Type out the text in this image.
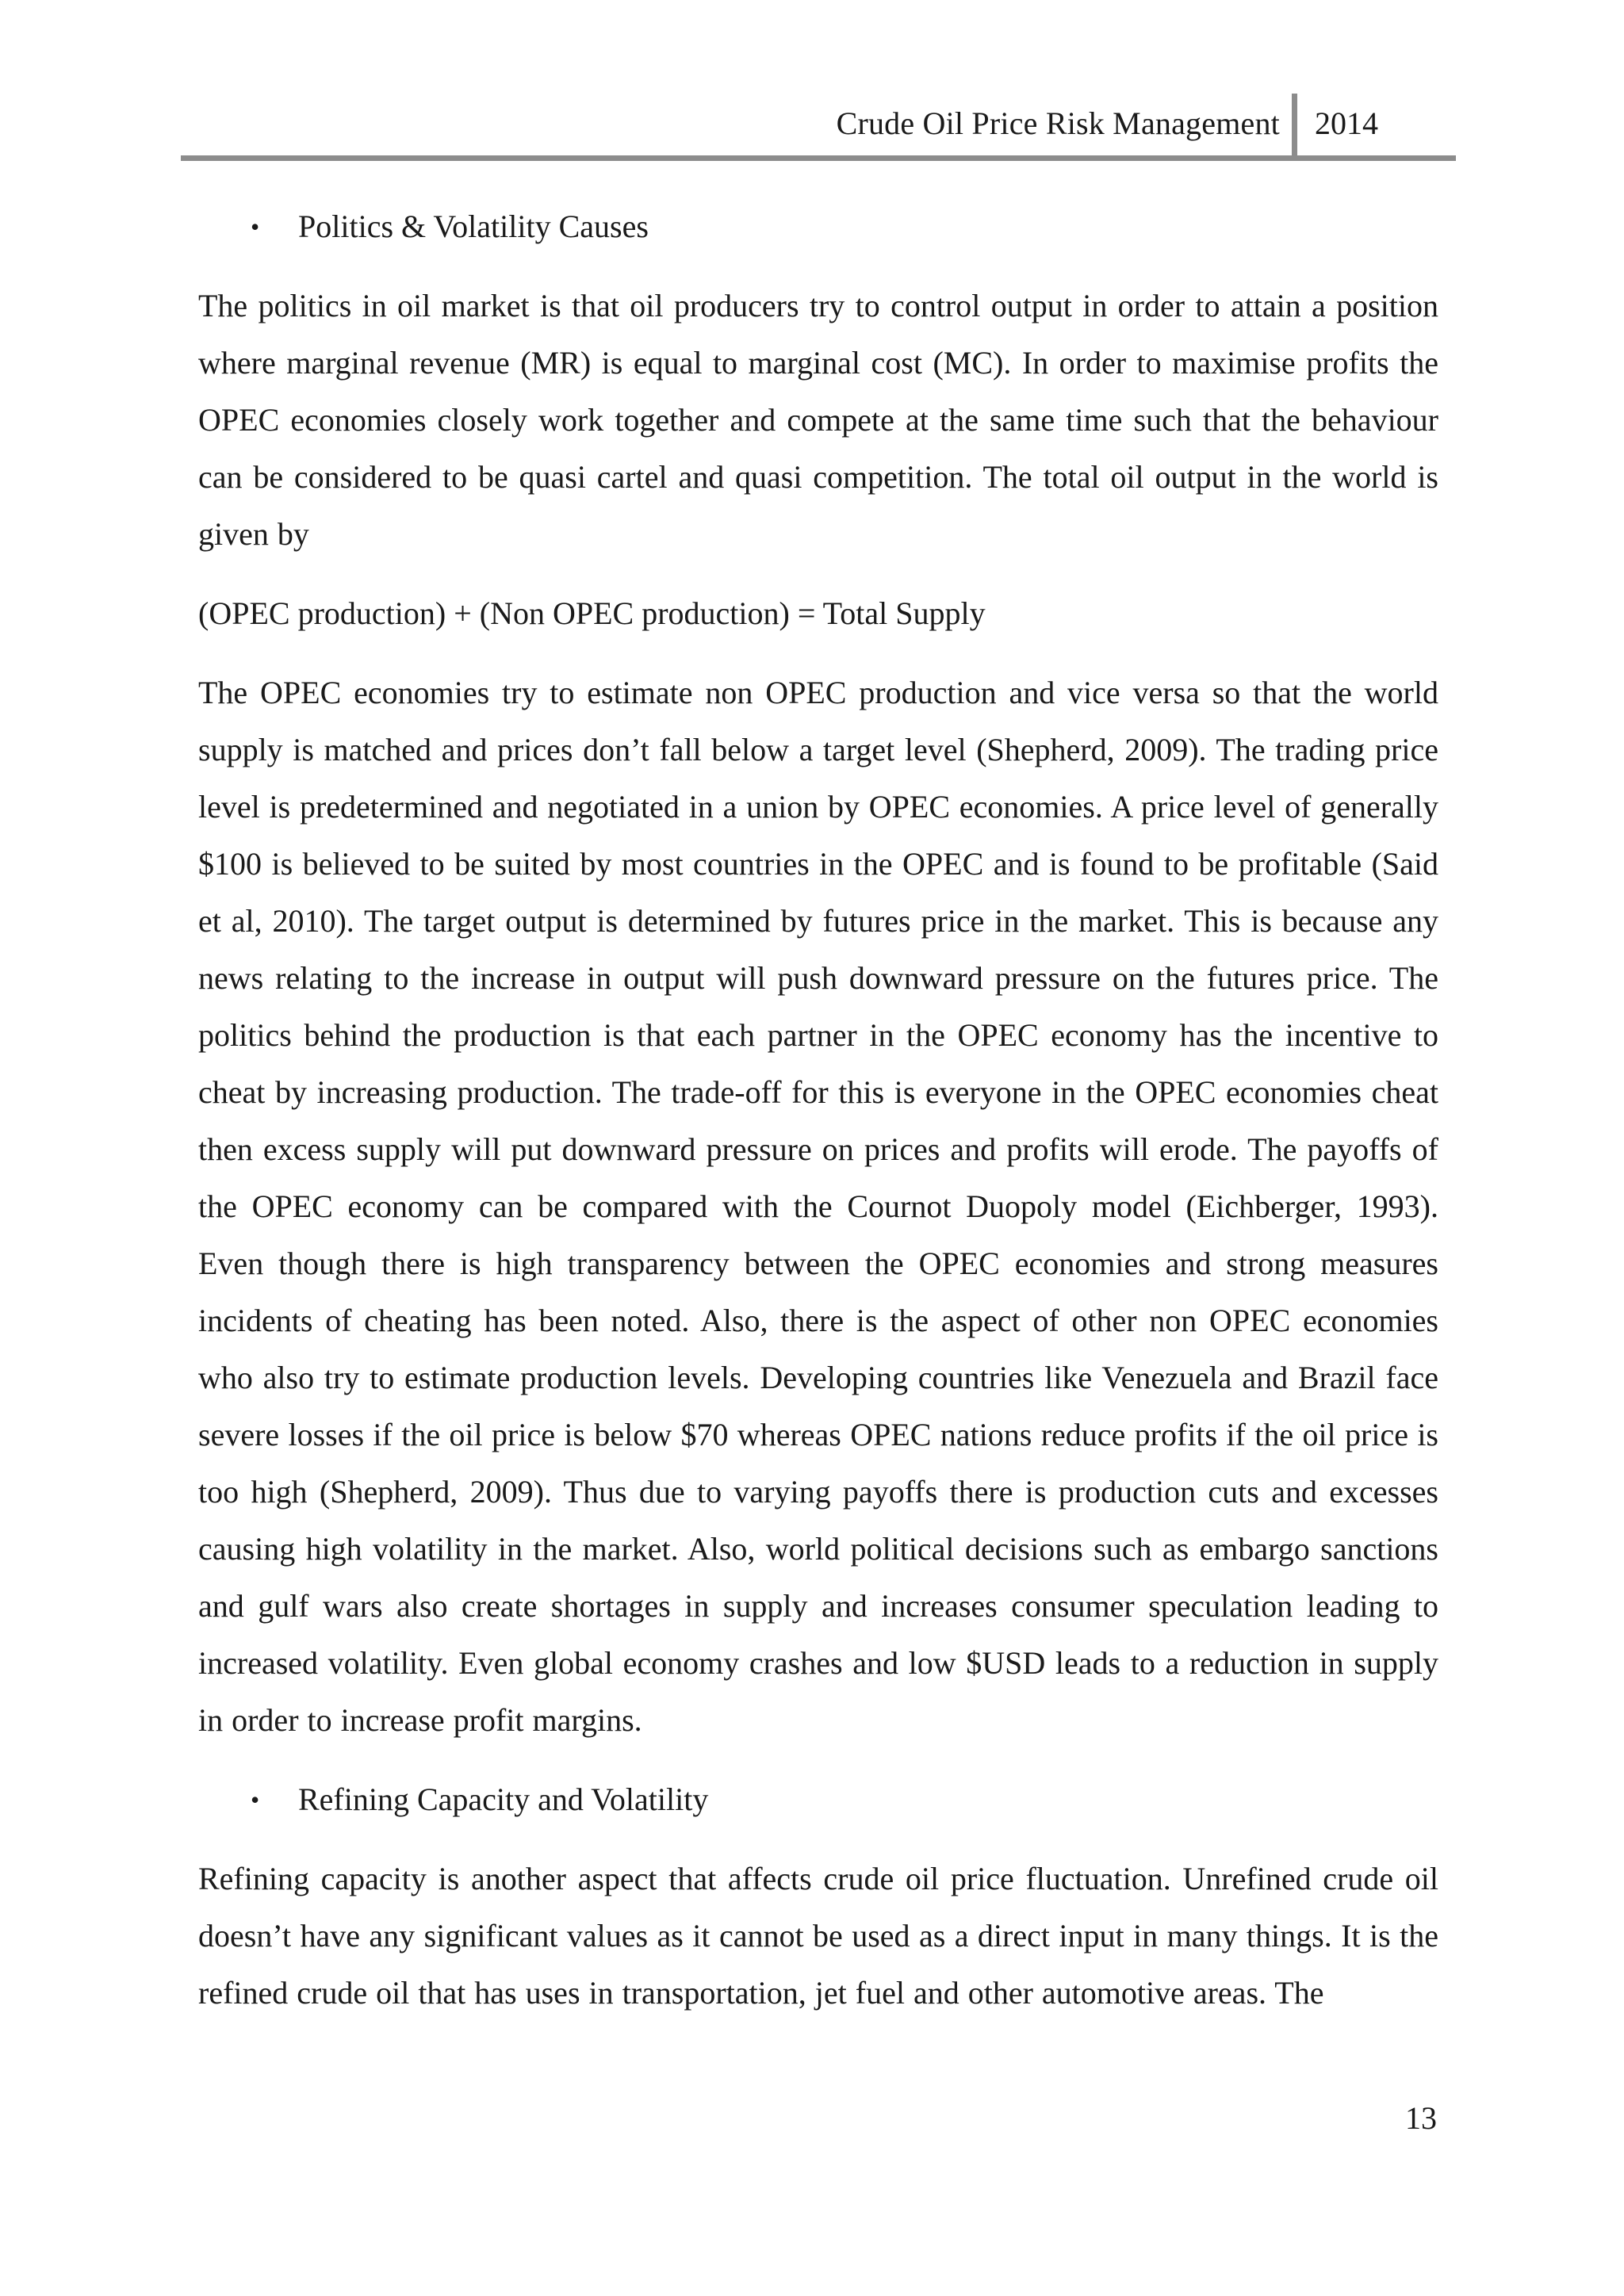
Crude Oil Price Risk Management 2014

• Politics & Volatility Causes

The politics in oil market is that oil producers try to control output in order to attain a position where marginal revenue (MR) is equal to marginal cost (MC). In order to maximise profits the OPEC economies closely work together and compete at the same time such that the behaviour can be considered to be quasi cartel and quasi competition. The total oil output in the world is given by

(OPEC production) + (Non OPEC production) = Total Supply

The OPEC economies try to estimate non OPEC production and vice versa so that the world supply is matched and prices don’t fall below a target level (Shepherd, 2009). The trading price level is predetermined and negotiated in a union by OPEC economies. A price level of generally $100 is believed to be suited by most countries in the OPEC and is found to be profitable (Said et al, 2010). The target output is determined by futures price in the market. This is because any news relating to the increase in output will push downward pressure on the futures price. The politics behind the production is that each partner in the OPEC economy has the incentive to cheat by increasing production. The trade-off for this is everyone in the OPEC economies cheat then excess supply will put downward pressure on prices and profits will erode. The payoffs of the OPEC economy can be compared with the Cournot Duopoly model (Eichberger, 1993). Even though there is high transparency between the OPEC economies and strong measures incidents of cheating has been noted. Also, there is the aspect of other non OPEC economies who also try to estimate production levels. Developing countries like Venezuela and Brazil face severe losses if the oil price is below $70 whereas OPEC nations reduce profits if the oil price is too high (Shepherd, 2009). Thus due to varying payoffs there is production cuts and excesses causing high volatility in the market. Also, world political decisions such as embargo sanctions and gulf wars also create shortages in supply and increases consumer speculation leading to increased volatility. Even global economy crashes and low $USD leads to a reduction in supply in order to increase profit margins.

• Refining Capacity and Volatility

Refining capacity is another aspect that affects crude oil price fluctuation. Unrefined crude oil doesn’t have any significant values as it cannot be used as a direct input in many things. It is the refined crude oil that has uses in transportation, jet fuel and other automotive areas. The

13
